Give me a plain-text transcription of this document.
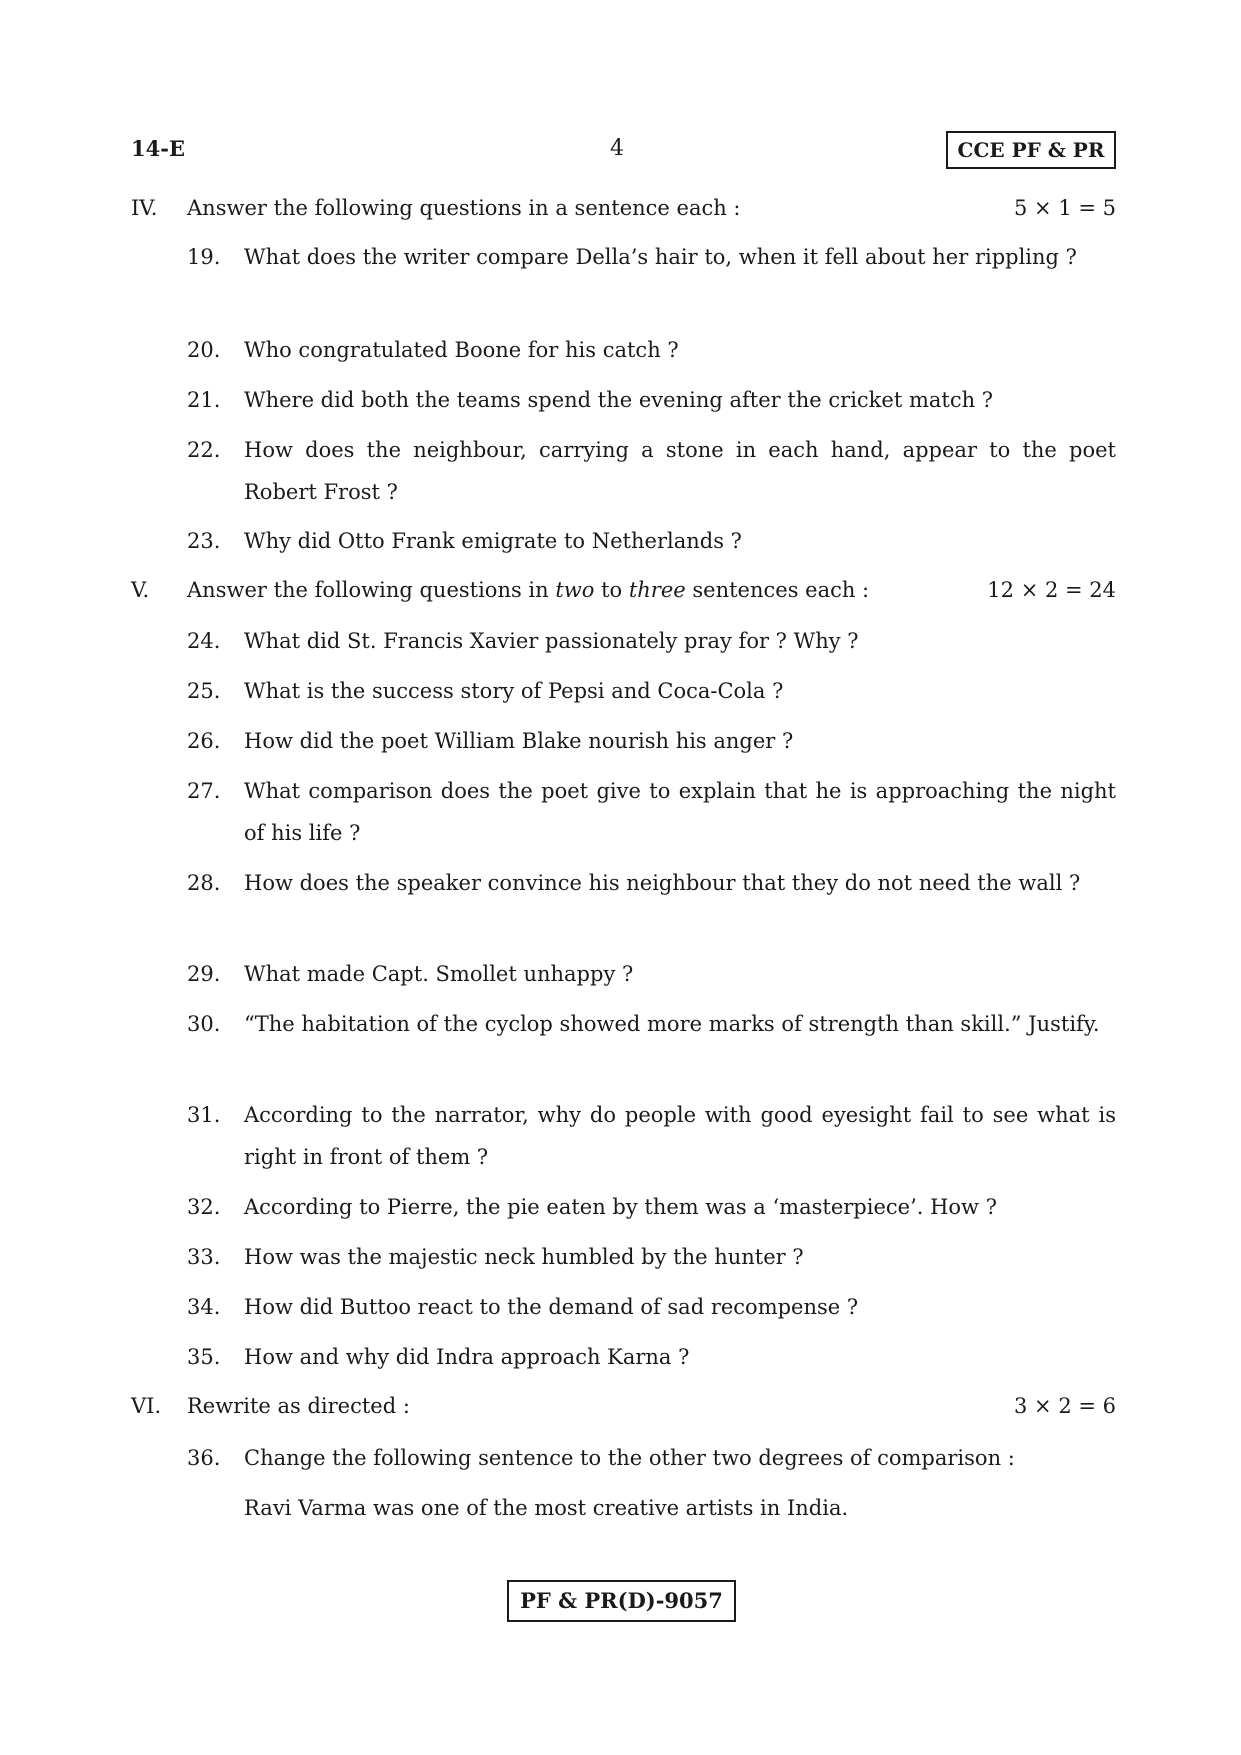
14-E	4	CCE PF & PR
IV. Answer the following questions in a sentence each :	5 × 1 = 5
19. What does the writer compare Della’s hair to, when it fell about her rippling ?
20. Who congratulated Boone for his catch ?
21. Where did both the teams spend the evening after the cricket match ?
22. How does the neighbour, carrying a stone in each hand, appear to the poet Robert Frost ?
23. Why did Otto Frank emigrate to Netherlands ?
V. Answer the following questions in two to three sentences each :	12 × 2 = 24
24. What did St. Francis Xavier passionately pray for ? Why ?
25. What is the success story of Pepsi and Coca-Cola ?
26. How did the poet William Blake nourish his anger ?
27. What comparison does the poet give to explain that he is approaching the night of his life ?
28. How does the speaker convince his neighbour that they do not need the wall ?
29. What made Capt. Smollet unhappy ?
30. “The habitation of the cyclop showed more marks of strength than skill.” Justify.
31. According to the narrator, why do people with good eyesight fail to see what is right in front of them ?
32. According to Pierre, the pie eaten by them was a ‘masterpiece’. How ?
33. How was the majestic neck humbled by the hunter ?
34. How did Buttoo react to the demand of sad recompense ?
35. How and why did Indra approach Karna ?
VI. Rewrite as directed :	3 × 2 = 6
36. Change the following sentence to the other two degrees of comparison :
Ravi Varma was one of the most creative artists in India.
PF & PR(D)-9057
